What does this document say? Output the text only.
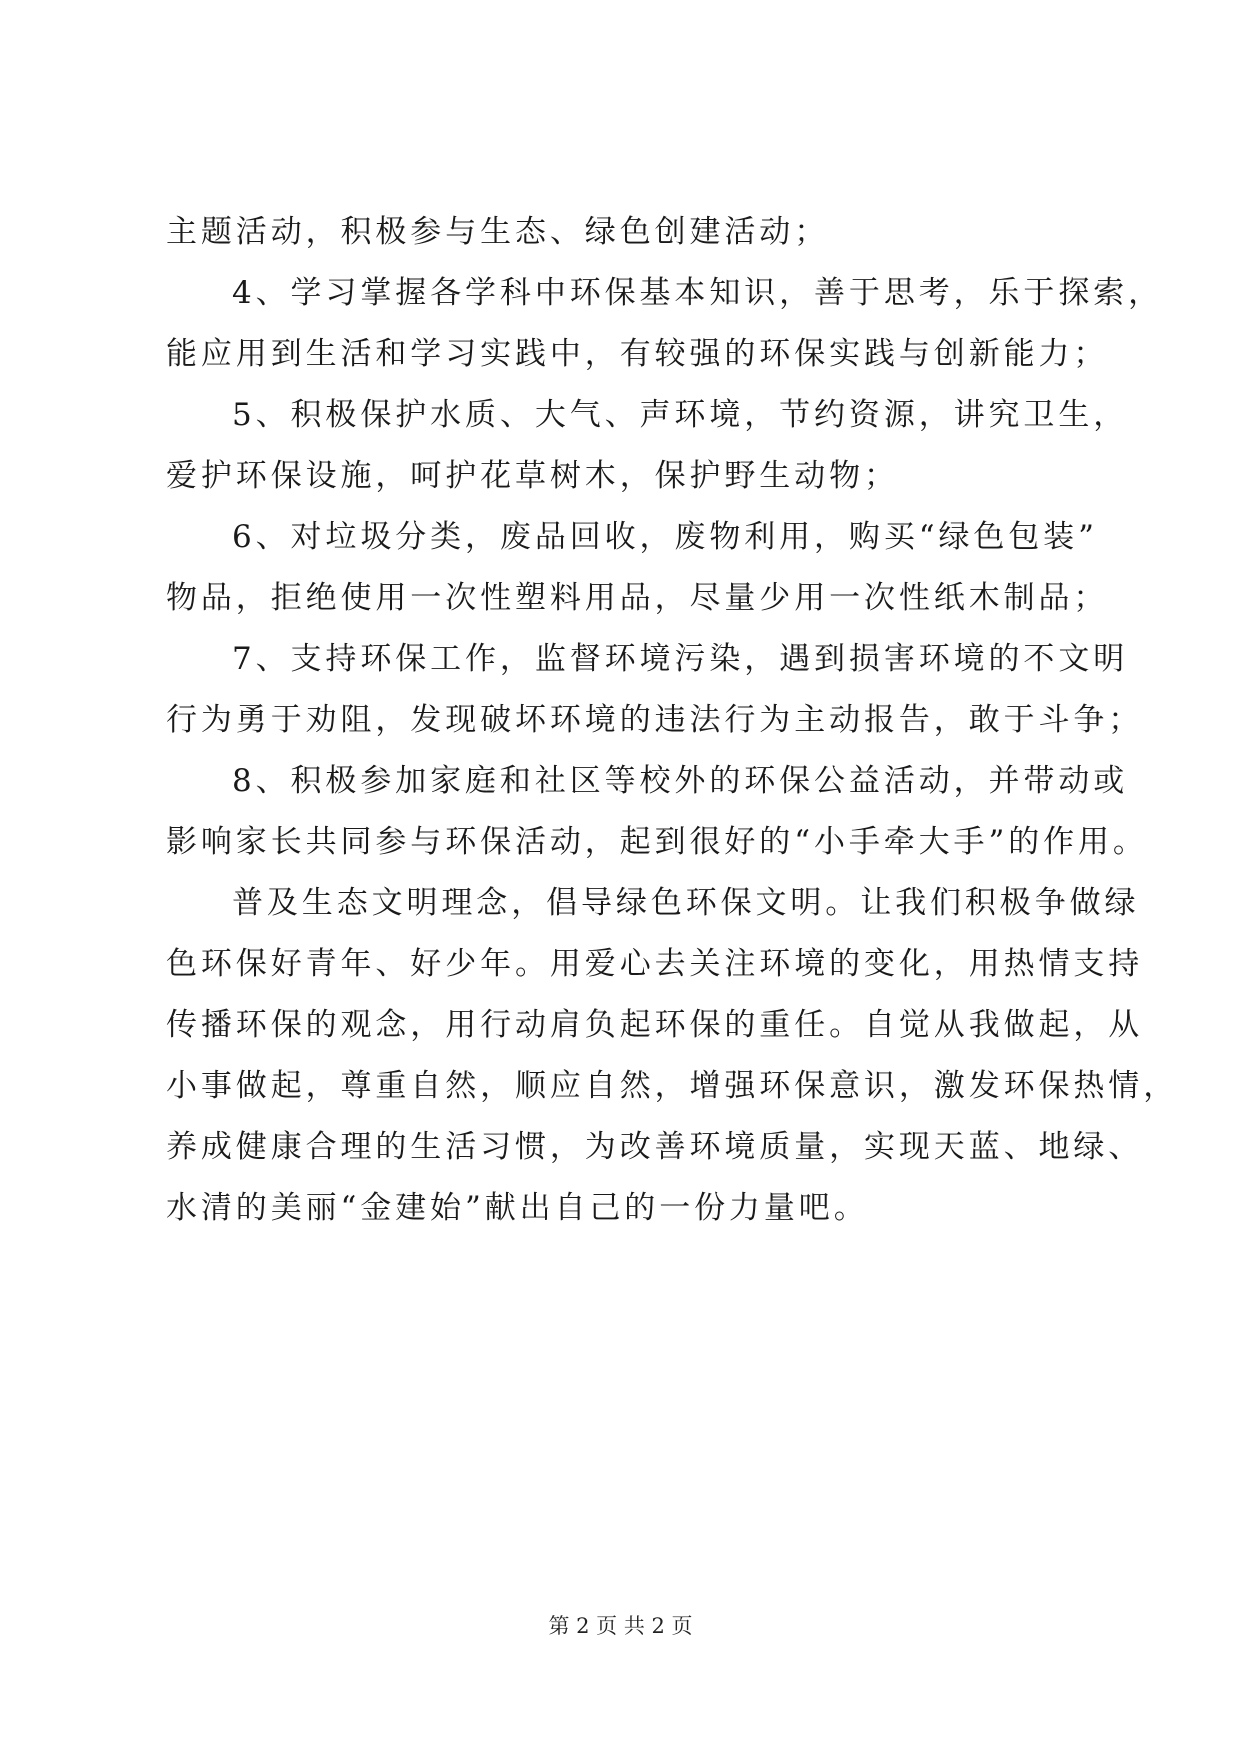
主题活动，积极参与生态、绿色创建活动；
4、学习掌握各学科中环保基本知识，善于思考，乐于探索，
能应用到生活和学习实践中，有较强的环保实践与创新能力；
5、积极保护水质、大气、声环境，节约资源，讲究卫生，
爱护环保设施，呵护花草树木，保护野生动物；
6、对垃圾分类，废品回收，废物利用，购买“绿色包装”
物品，拒绝使用一次性塑料用品，尽量少用一次性纸木制品；
7、支持环保工作，监督环境污染，遇到损害环境的不文明
行为勇于劝阻，发现破坏环境的违法行为主动报告，敢于斗争；
8、积极参加家庭和社区等校外的环保公益活动，并带动或
影响家长共同参与环保活动，起到很好的“小手牵大手”的作用。
普及生态文明理念，倡导绿色环保文明。让我们积极争做绿
色环保好青年、好少年。用爱心去关注环境的变化，用热情支持
传播环保的观念，用行动肩负起环保的重任。自觉从我做起，从
小事做起，尊重自然，顺应自然，增强环保意识，激发环保热情，
养成健康合理的生活习惯，为改善环境质量，实现天蓝、地绿、
水清的美丽“金建始”献出自己的一份力量吧。
第 2 页 共 2 页
